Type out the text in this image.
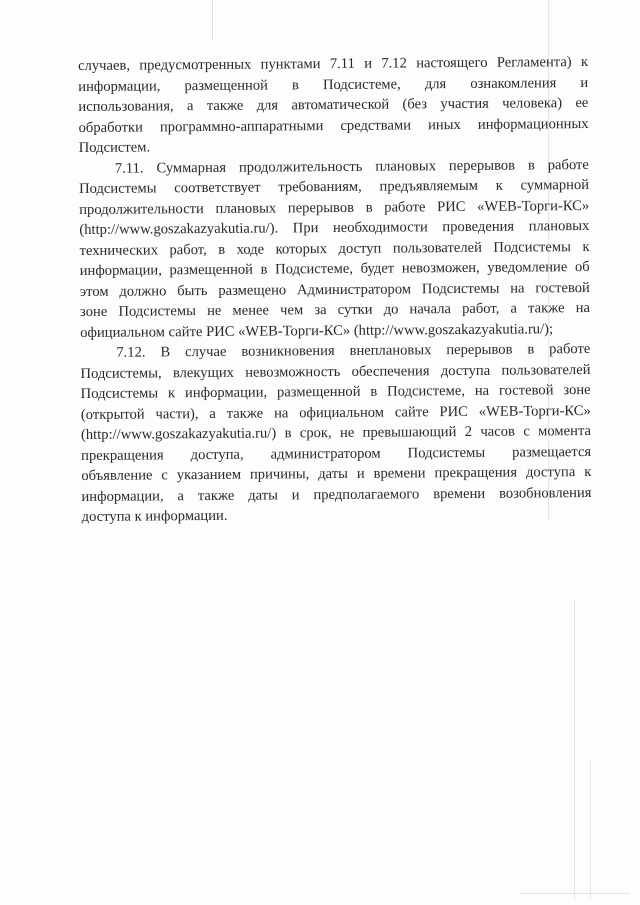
случаев, предусмотренных пунктами 7.11 и 7.12 настоящего Регламента) к
информации, размещенной в Подсистеме, для ознакомления и
использования, а также для автоматической (без участия человека) ее
обработки программно-аппаратными средствами иных информационных
Подсистем.
7.11. Суммарная продолжительность плановых перерывов в работе
Подсистемы соответствует требованиям, предъявляемым к суммарной
продолжительности плановых перерывов в работе РИС «WEB-Торги-КС»
(http://www.goszakazyakutia.ru/). При необходимости проведения плановых
технических работ, в ходе которых доступ пользователей Подсистемы к
информации, размещенной в Подсистеме, будет невозможен, уведомление об
этом должно быть размещено Администратором Подсистемы на гостевой
зоне Подсистемы не менее чем за сутки до начала работ, а также на
официальном сайте РИС «WEB-Торги-КС» (http://www.goszakazyakutia.ru/);
7.12. В случае возникновения внеплановых перерывов в работе
Подсистемы, влекущих невозможность обеспечения доступа пользователей
Подсистемы к информации, размещенной в Подсистеме, на гостевой зоне
(открытой части), а также на официальном сайте РИС «WEB-Торги-КС»
(http://www.goszakazyakutia.ru/) в срок, не превышающий 2 часов с момента
прекращения доступа, администратором Подсистемы размещается
объявление с указанием причины, даты и времени прекращения доступа к
информации, а также даты и предполагаемого времени возобновления
доступа к информации.
